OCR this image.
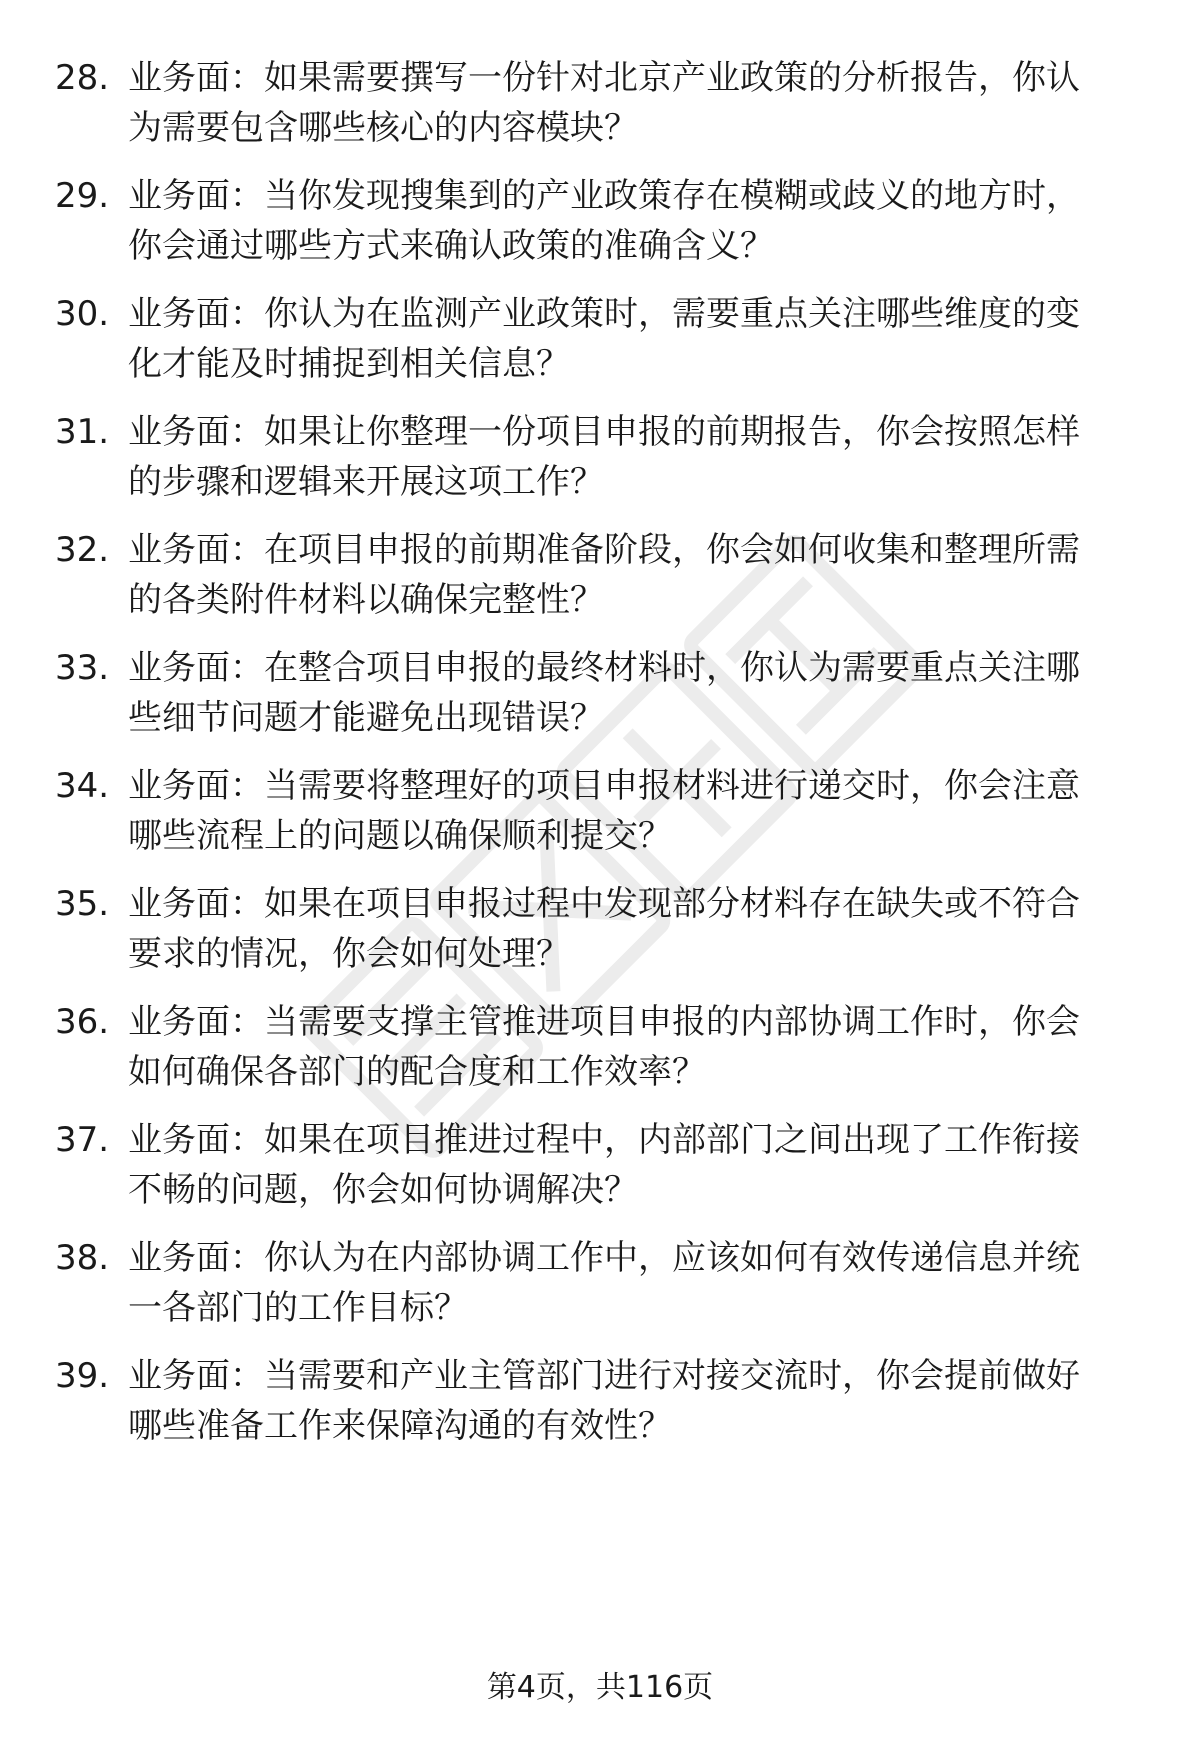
28. 业务面：如果需要撰写一份针对北京产业政策的分析报告，你认
为需要包含哪些核心的内容模块？
29. 业务面：当你发现搜集到的产业政策存在模糊或歧义的地方时，
你会通过哪些方式来确认政策的准确含义？
30. 业务面：你认为在监测产业政策时，需要重点关注哪些维度的变
化才能及时捕捉到相关信息？
31. 业务面：如果让你整理一份项目申报的前期报告，你会按照怎样
的步骤和逻辑来开展这项工作？
32. 业务面：在项目申报的前期准备阶段，你会如何收集和整理所需
的各类附件材料以确保完整性？
33. 业务面：在整合项目申报的最终材料时，你认为需要重点关注哪
些细节问题才能避免出现错误？
34. 业务面：当需要将整理好的项目申报材料进行递交时，你会注意
哪些流程上的问题以确保顺利提交？
35. 业务面：如果在项目申报过程中发现部分材料存在缺失或不符合
要求的情况，你会如何处理？
36. 业务面：当需要支撑主管推进项目申报的内部协调工作时，你会
如何确保各部门的配合度和工作效率？
37. 业务面：如果在项目推进过程中，内部部门之间出现了工作衔接
不畅的问题，你会如何协调解决？
38. 业务面：你认为在内部协调工作中，应该如何有效传递信息并统
一各部门的工作目标？
39. 业务面：当需要和产业主管部门进行对接交流时，你会提前做好
哪些准备工作来保障沟通的有效性？
第4页，共116页
